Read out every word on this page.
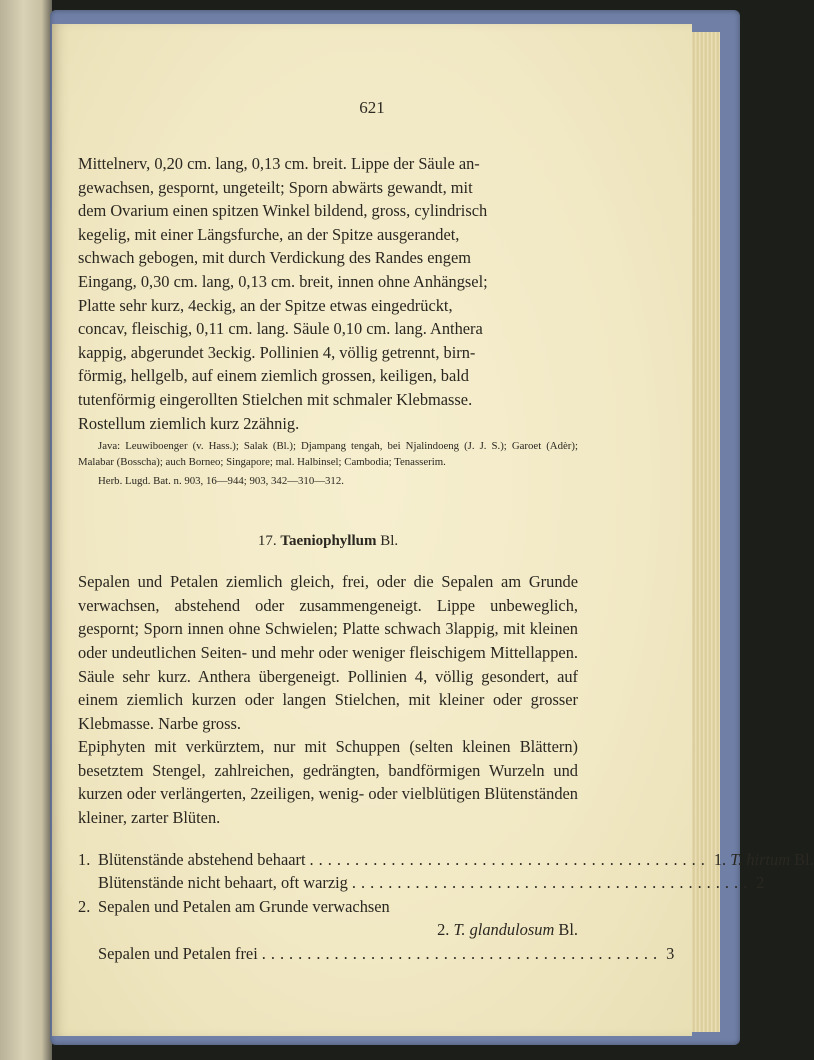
621

Mittelnerv, 0,20 cm. lang, 0,13 cm. breit. Lippe der Säule an-
gewachsen, gespornt, ungeteilt; Sporn abwärts gewandt, mit
dem Ovarium einen spitzen Winkel bildend, gross, cylindrisch
kegelig, mit einer Längsfurche, an der Spitze ausgerandet,
schwach gebogen, mit durch Verdickung des Randes engem
Eingang, 0,30 cm. lang, 0,13 cm. breit, innen ohne Anhängsel;
Platte sehr kurz, 4eckig, an der Spitze etwas eingedrückt,
concav, fleischig, 0,11 cm. lang. Säule 0,10 cm. lang. Anthera
kappig, abgerundet 3eckig. Pollinien 4, völlig getrennt, birn-
förmig, hellgelb, auf einem ziemlich grossen, keiligen, bald
tutenförmig eingerollten Stielchen mit schmaler Klebmasse.
Rostellum ziemlich kurz 2zähnig.

Java: Leuwiboenger (v. Hass.); Salak (Bl.); Djampang tengah, bei Njalindoeng (J. J. S.); Garoet (Adèr); Malabar (Bosscha); auch Borneo; Singapore; mal. Halbinsel; Cambodia; Tenasserim.

Herb. Lugd. Bat. n. 903, 16—944; 903, 342—310—312.

17. Taeniophyllum Bl.

Sepalen und Petalen ziemlich gleich, frei, oder die Sepalen am Grunde verwachsen, abstehend oder zusammengeneigt. Lippe unbeweglich, gespornt; Sporn innen ohne Schwielen; Platte schwach 3lappig, mit kleinen oder undeutlichen Seiten- und mehr oder weniger fleischigem Mittellappen. Säule sehr kurz. Anthera übergeneigt. Pollinien 4, völlig gesondert, auf einem ziemlich kurzen oder langen Stielchen, mit kleiner oder grosser Klebmasse. Narbe gross.

Epiphyten mit verkürztem, nur mit Schuppen (selten kleinen Blättern) besetztem Stengel, zahlreichen, gedrängten, bandförmigen Wurzeln und kurzen oder verlängerten, 2zeiligen, wenig- oder vielblütigen Blütenständen kleiner, zarter Blüten.

1. Blütenstände abstehend behaart ............................................ 1. T. hirtum Bl.
Blütenstände nicht behaart, oft warzig ............................................ 2
2. Sepalen und Petalen am Grunde verwachsen
2. T. glandulosum Bl.
Sepalen und Petalen frei ............................................ 3
